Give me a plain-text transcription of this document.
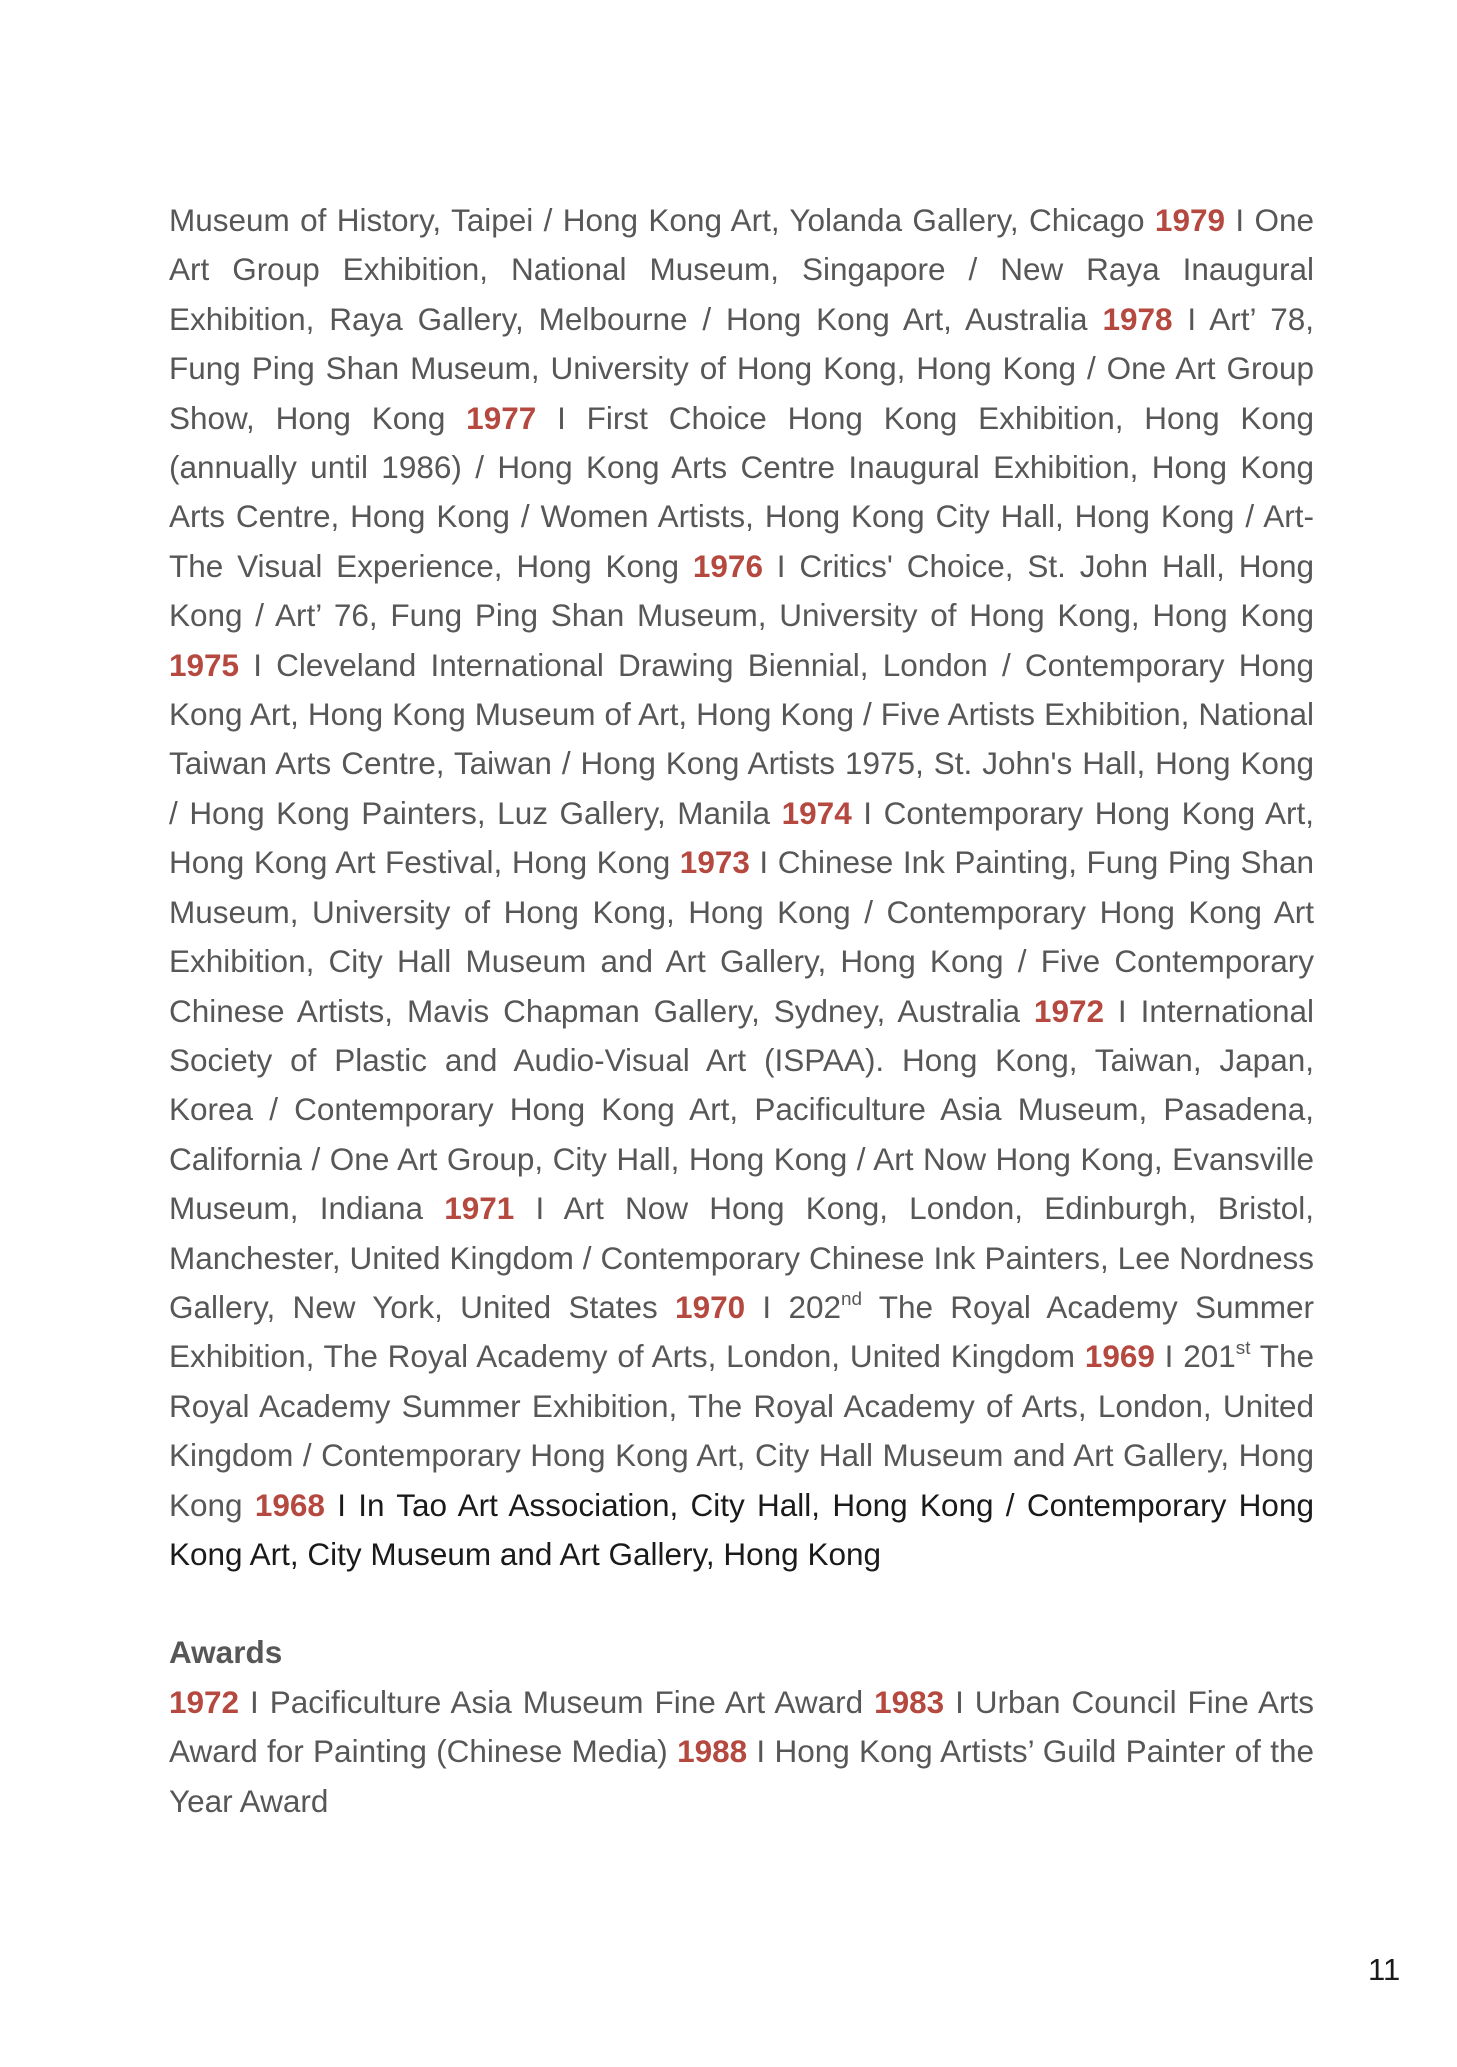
Museum of History, Taipei / Hong Kong Art, Yolanda Gallery, Chicago 1979 I One Art Group Exhibition, National Museum, Singapore / New Raya Inaugural Exhibition, Raya Gallery, Melbourne / Hong Kong Art, Australia 1978 I Art’ 78, Fung Ping Shan Museum, University of Hong Kong, Hong Kong / One Art Group Show, Hong Kong 1977 I First Choice Hong Kong Exhibition, Hong Kong (annually until 1986) / Hong Kong Arts Centre Inaugural Exhibition, Hong Kong Arts Centre, Hong Kong / Women Artists, Hong Kong City Hall, Hong Kong / Art-The Visual Experience, Hong Kong 1976 I Critics' Choice, St. John Hall, Hong Kong / Art’ 76, Fung Ping Shan Museum, University of Hong Kong, Hong Kong 1975 I Cleveland International Drawing Biennial, London / Contemporary Hong Kong Art, Hong Kong Museum of Art, Hong Kong / Five Artists Exhibition, National Taiwan Arts Centre, Taiwan / Hong Kong Artists 1975, St. John's Hall, Hong Kong / Hong Kong Painters, Luz Gallery, Manila 1974 I Contemporary Hong Kong Art, Hong Kong Art Festival, Hong Kong 1973 I Chinese Ink Painting, Fung Ping Shan Museum, University of Hong Kong, Hong Kong / Contemporary Hong Kong Art Exhibition, City Hall Museum and Art Gallery, Hong Kong / Five Contemporary Chinese Artists, Mavis Chapman Gallery, Sydney, Australia 1972 I International Society of Plastic and Audio-Visual Art (ISPAA). Hong Kong, Taiwan, Japan, Korea / Contemporary Hong Kong Art, Pacificulture Asia Museum, Pasadena, California / One Art Group, City Hall, Hong Kong / Art Now Hong Kong, Evansville Museum, Indiana 1971 I Art Now Hong Kong, London, Edinburgh, Bristol, Manchester, United Kingdom / Contemporary Chinese Ink Painters, Lee Nordness Gallery, New York, United States 1970 I 202nd The Royal Academy Summer Exhibition, The Royal Academy of Arts, London, United Kingdom 1969 I 201st The Royal Academy Summer Exhibition, The Royal Academy of Arts, London, United Kingdom / Contemporary Hong Kong Art, City Hall Museum and Art Gallery, Hong Kong 1968 I In Tao Art Association, City Hall, Hong Kong / Contemporary Hong Kong Art, City Museum and Art Gallery, Hong Kong
Awards
1972 I Pacificulture Asia Museum Fine Art Award 1983 I Urban Council Fine Arts Award for Painting (Chinese Media) 1988 I Hong Kong Artists’ Guild Painter of the Year Award
11
